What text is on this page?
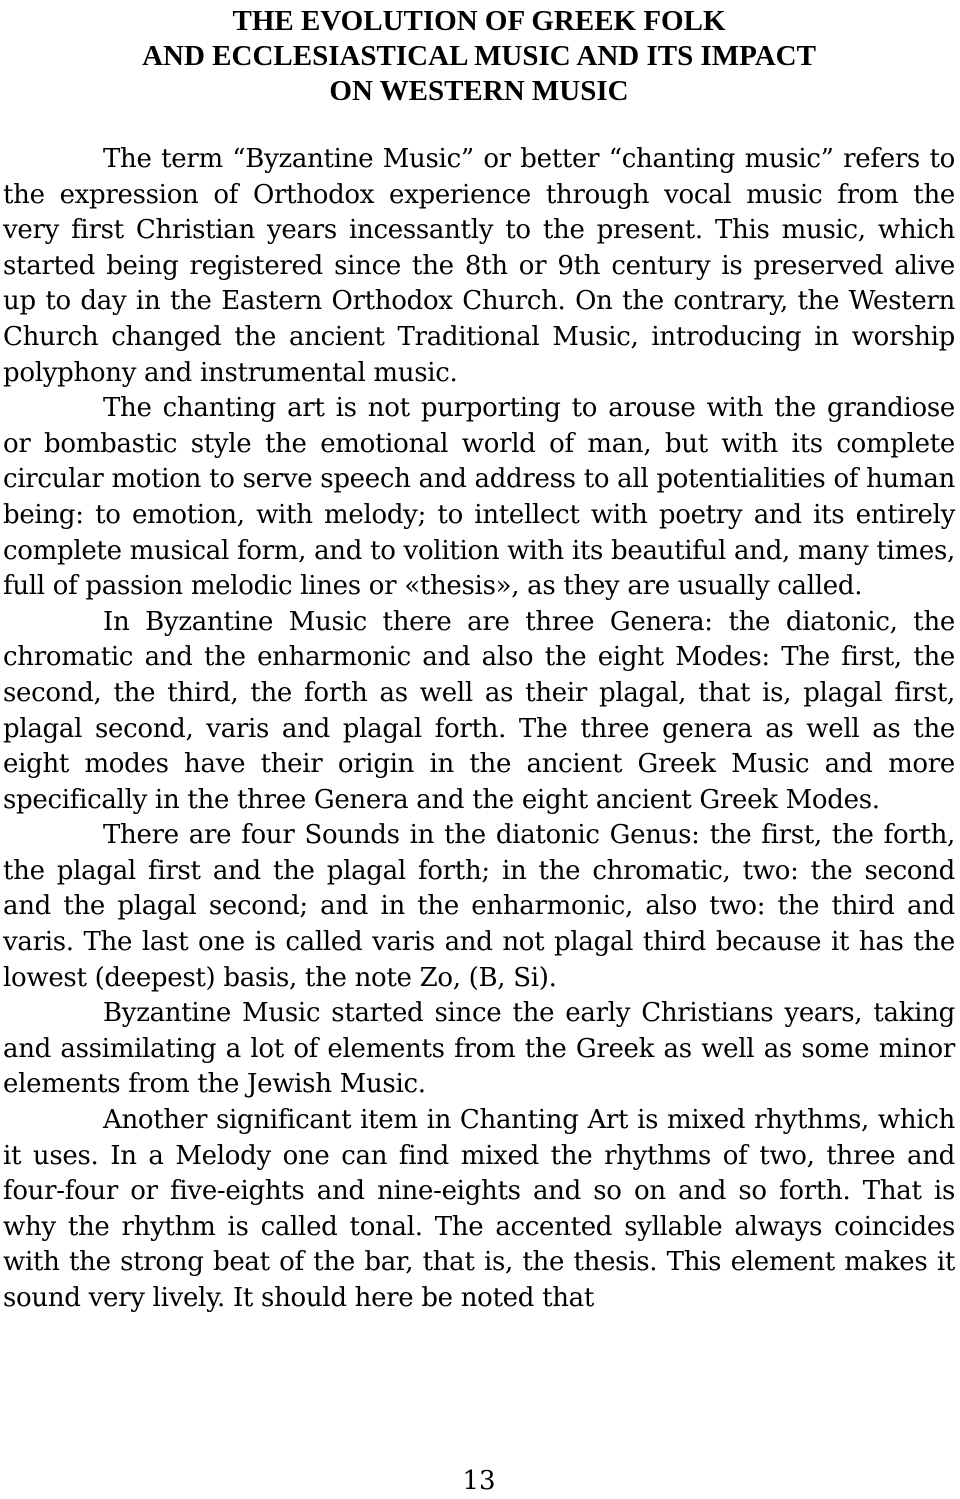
THE EVOLUTION OF GREEK FOLK
AND ECCLESIASTICAL MUSIC AND ITS IMPACT
ON WESTERN MUSIC

The term “Byzantine Music” or better “chanting music” refers to the expression of Orthodox experience through vocal music from the very first Christian years incessantly to the present. This music, which started being registered since the 8th or 9th century is preserved alive up to day in the Eastern Orthodox Church. On the contrary, the Western Church changed the ancient Traditional Music, introducing in worship polyphony and instrumental music.

The chanting art is not purporting to arouse with the grandiose or bombastic style the emotional world of man, but with its complete circular motion to serve speech and address to all potentialities of human being: to emotion, with melody; to intellect with poetry and its entirely complete musical form, and to volition with its beautiful and, many times, full of passion melodic lines or «thesis», as they are usually called.

In Byzantine Music there are three Genera: the diatonic, the chromatic and the enharmonic and also the eight Modes: The first, the second, the third, the forth as well as their plagal, that is, plagal first, plagal second, varis and plagal forth. The three genera as well as the eight modes have their origin in the ancient Greek Music and more specifically in the three Genera and the eight ancient Greek Modes.

There are four Sounds in the diatonic Genus: the first, the forth, the plagal first and the plagal forth; in the chromatic, two: the second and the plagal second; and in the enharmonic, also two: the third and varis. The last one is called varis and not plagal third because it has the lowest (deepest) basis, the note Zo, (B, Si).

Byzantine Music started since the early Christians years, taking and assimilating a lot of elements from the Greek as well as some minor elements from the Jewish Music.

Another significant item in Chanting Art is mixed rhythms, which it uses. In a Melody one can find mixed the rhythms of two, three and four-four or five-eights and nine-eights and so on and so forth. That is why the rhythm is called tonal. The accented syllable always coincides with the strong beat of the bar, that is, the thesis. This element makes it sound very lively. It should here be noted that

13
